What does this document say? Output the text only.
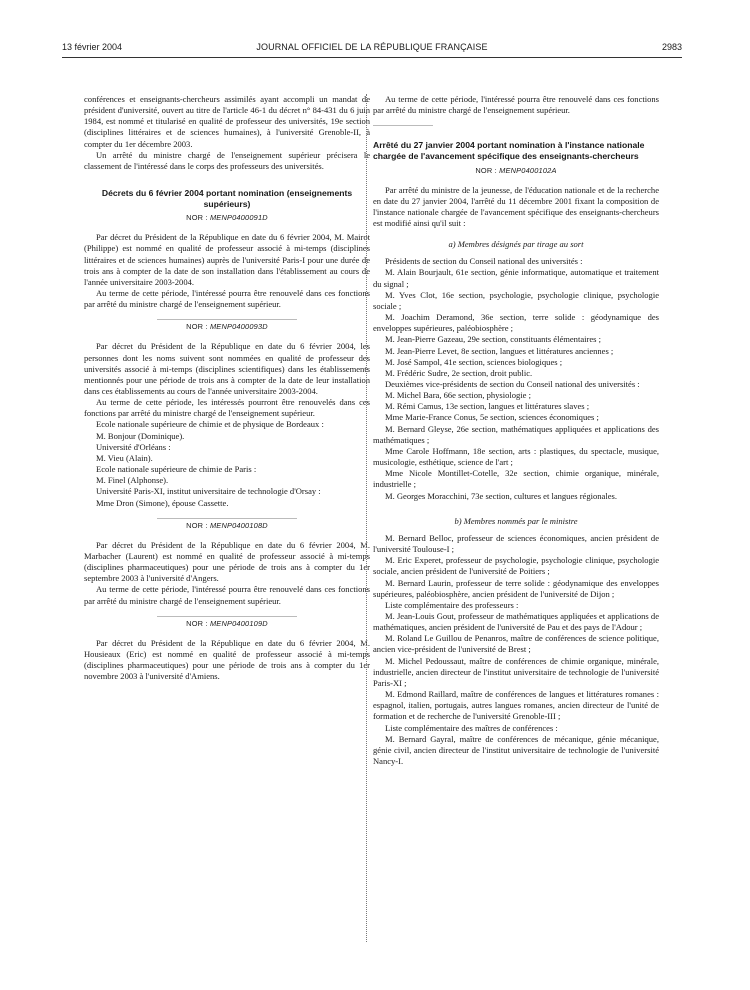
13 février 2004	JOURNAL OFFICIEL DE LA RÉPUBLIQUE FRANÇAISE	2983

conférences et enseignants-chercheurs assimilés ayant accompli un mandat de président d'université, ouvert au titre de l'article 46-1 du décret n° 84-431 du 6 juin 1984, est nommé et titularisé en qualité de professeur des universités, 19e section (disciplines littéraires et de sciences humaines), à l'université Grenoble-II, à compter du 1er décembre 2003.

Un arrêté du ministre chargé de l'enseignement supérieur précisera le classement de l'intéressé dans le corps des professeurs des universités.

Décrets du 6 février 2004 portant nomination (enseignements supérieurs)
NOR : MENP0400091D

Par décret du Président de la République en date du 6 février 2004, M. Mairot (Philippe) est nommé en qualité de professeur associé à mi-temps (disciplines littéraires et de sciences humaines) auprès de l'université Paris-I pour une durée de trois ans à compter de la date de son installation dans l'établissement au cours de l'année universitaire 2003-2004.

Au terme de cette période, l'intéressé pourra être renouvelé dans ces fonctions par arrêté du ministre chargé de l'enseignement supérieur.

NOR : MENP0400093D

Par décret du Président de la République en date du 6 février 2004, les personnes dont les noms suivent sont nommées en qualité de professeur des universités associé à mi-temps (disciplines scientifiques) dans les établissements mentionnés pour une période de trois ans à compter de la date de leur installation dans ces établissements au cours de l'année universitaire 2003-2004.

Au terme de cette période, les intéressés pourront être renouvelés dans ces fonctions par arrêté du ministre chargé de l'enseignement supérieur.

Ecole nationale supérieure de chimie et de physique de Bordeaux :

M. Bonjour (Dominique).

Université d'Orléans :

M. Vieu (Alain).

Ecole nationale supérieure de chimie de Paris :

M. Finel (Alphonse).

Université Paris-XI, institut universitaire de technologie d'Orsay :

Mme Dron (Simone), épouse Cassette.

NOR : MENP0400108D

Par décret du Président de la République en date du 6 février 2004, M. Marbacher (Laurent) est nommé en qualité de professeur associé à mi-temps (disciplines pharmaceutiques) pour une période de trois ans à compter du 1er septembre 2003 à l'université d'Angers.

Au terme de cette période, l'intéressé pourra être renouvelé dans ces fonctions par arrêté du ministre chargé de l'enseignement supérieur.

NOR : MENP0400109D

Par décret du Président de la République en date du 6 février 2004, M. Housieaux (Eric) est nommé en qualité de professeur associé à mi-temps (disciplines pharmaceutiques) pour une période de trois ans à compter du 1er novembre 2003 à l'université d'Amiens.

Au terme de cette période, l'intéressé pourra être renouvelé dans ces fonctions par arrêté du ministre chargé de l'enseignement supérieur.

Arrêté du 27 janvier 2004 portant nomination à l'instance nationale chargée de l'avancement spécifique des enseignants-chercheurs
NOR : MENP0400102A

Par arrêté du ministre de la jeunesse, de l'éducation nationale et de la recherche en date du 27 janvier 2004, l'arrêté du 11 décembre 2001 fixant la composition de l'instance nationale chargée de l'avancement spécifique des enseignants-chercheurs est modifié ainsi qu'il suit :

a) Membres désignés par tirage au sort

Présidents de section du Conseil national des universités :

M. Alain Bourjault, 61e section, génie informatique, automatique et traitement du signal ;

M. Yves Clot, 16e section, psychologie, psychologie clinique, psychologie sociale ;

M. Joachim Deramond, 36e section, terre solide : géodynamique des enveloppes supérieures, paléobiosphère ;

M. Jean-Pierre Gazeau, 29e section, constituants élémentaires ;

M. Jean-Pierre Levet, 8e section, langues et littératures anciennes ;

M. José Sampol, 41e section, sciences biologiques ;

M. Frédéric Sudre, 2e section, droit public.

Deuxièmes vice-présidents de section du Conseil national des universités :

M. Michel Bara, 66e section, physiologie ;

M. Rémi Camus, 13e section, langues et littératures slaves ;

Mme Marie-France Conus, 5e section, sciences économiques ;

M. Bernard Gleyse, 26e section, mathématiques appliquées et applications des mathématiques ;

Mme Carole Hoffmann, 18e section, arts : plastiques, du spectacle, musique, musicologie, esthétique, science de l'art ;

Mme Nicole Montillet-Cotelle, 32e section, chimie organique, minérale, industrielle ;

M. Georges Moracchini, 73e section, cultures et langues régionales.

b) Membres nommés par le ministre

M. Bernard Belloc, professeur de sciences économiques, ancien président de l'université Toulouse-I ;

M. Eric Experet, professeur de psychologie, psychologie clinique, psychologie sociale, ancien président de l'université de Poitiers ;

M. Bernard Laurin, professeur de terre solide : géodynamique des enveloppes supérieures, paléobiosphère, ancien président de l'université de Dijon ;

Liste complémentaire des professeurs :

M. Jean-Louis Gout, professeur de mathématiques appliquées et applications de mathématiques, ancien président de l'université de Pau et des pays de l'Adour ;

M. Roland Le Guillou de Penanros, maître de conférences de science politique, ancien vice-président de l'université de Brest ;

M. Michel Pedoussaut, maître de conférences de chimie organique, minérale, industrielle, ancien directeur de l'institut universitaire de technologie de l'université Paris-XI ;

M. Edmond Raillard, maître de conférences de langues et littératures romanes : espagnol, italien, portugais, autres langues romanes, ancien directeur de l'unité de formation et de recherche de l'université Grenoble-III ;

Liste complémentaire des maîtres de conférences :

M. Bernard Gayral, maître de conférences de mécanique, génie mécanique, génie civil, ancien directeur de l'institut universitaire de technologie de l'université Nancy-I.
